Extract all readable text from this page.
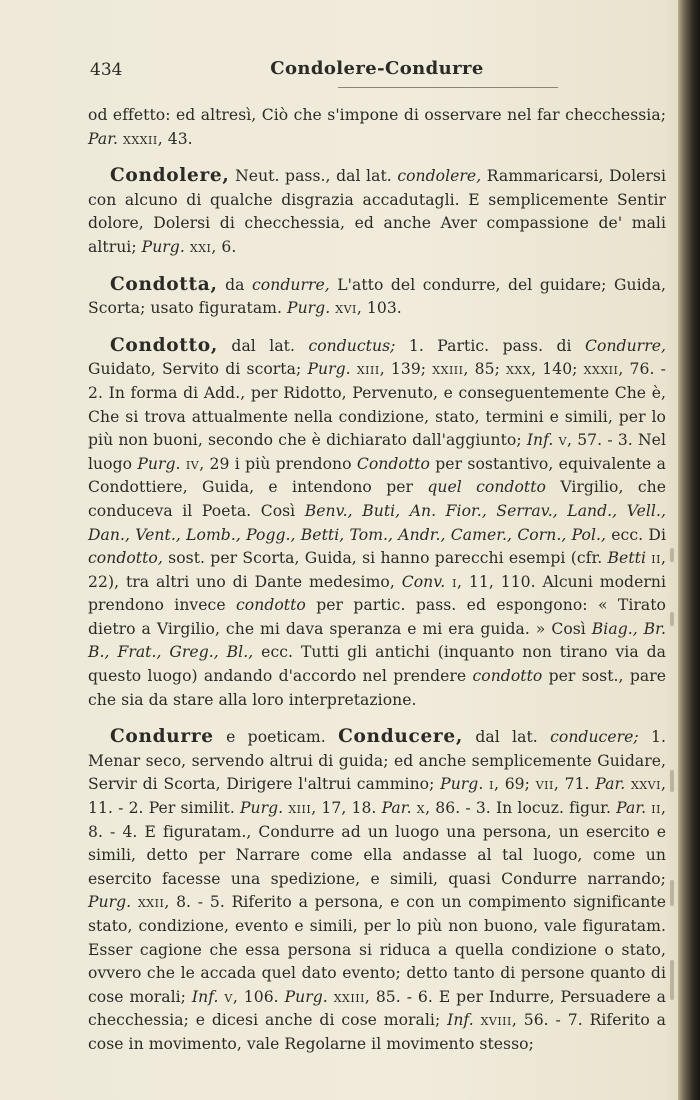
434	Condolere-Condurre

od effetto: ed altresì, Ciò che s'impone di osservare nel far checchessia; Par. xxxii, 43.

Condolere, Neut. pass., dal lat. condolere, Rammaricarsi, Dolersi con alcuno di qualche disgrazia accadutagli. E semplicemente Sentir dolore, Dolersi di checchessia, ed anche Aver compassione de' mali altrui; Purg. xxi, 6.

Condotta, da condurre, L'atto del condurre, del guidare; Guida, Scorta; usato figuratam. Purg. xvi, 103.

Condotto, dal lat. conductus; 1. Partic. pass. di Condurre, Guidato, Servito di scorta; Purg. xiii, 139; xxiii, 85; xxx, 140; xxxii, 76. - 2. In forma di Add., per Ridotto, Pervenuto, e conseguentemente Che è, Che si trova attualmente nella condizione, stato, termini e simili, per lo più non buoni, secondo che è dichiarato dall'aggiunto; Inf. v, 57. - 3. Nel luogo Purg. iv, 29 i più prendono Condotto per sostantivo, equivalente a Condottiere, Guida, e intendono per quel condotto Virgilio, che conduceva il Poeta. Così Benv., Buti, An. Fior., Serrav., Land., Vell., Dan., Vent., Lomb., Pogg., Betti, Tom., Andr., Camer., Corn., Pol., ecc. Di condotto, sost. per Scorta, Guida, si hanno parecchi esempi (cfr. Betti ii, 22), tra altri uno di Dante medesimo, Conv. i, 11, 110. Alcuni moderni prendono invece condotto per partic. pass. ed espongono: « Tirato dietro a Virgilio, che mi dava speranza e mi era guida. » Così Biag., Br. B., Frat., Greg., Bl., ecc. Tutti gli antichi (inquanto non tirano via da questo luogo) andando d'accordo nel prendere condotto per sost., pare che sia da stare alla loro interpretazione.

Condurre e poeticam. Conducere, dal lat. conducere; 1. Menar seco, servendo altrui di guida; ed anche semplicemente Guidare, Servir di Scorta, Dirigere l'altrui cammino; Purg. i, 69; vii, 71. Par. xxvi, 11. - 2. Per similit. Purg. xiii, 17, 18. Par. x, 86. - 3. In locuz. figur. Par. ii, 8. - 4. E figuratam., Condurre ad un luogo una persona, un esercito e simili, detto per Narrare come ella andasse al tal luogo, come un esercito facesse una spedizione, e simili, quasi Condurre narrando; Purg. xxii, 8. - 5. Riferito a persona, e con un compimento significante stato, condizione, evento e simili, per lo più non buono, vale figuratam. Esser cagione che essa persona si riduca a quella condizione o stato, ovvero che le accada quel dato evento; detto tanto di persone quanto di cose morali; Inf. v, 106. Purg. xxiii, 85. - 6. E per Indurre, Persuadere a checchessia; e dicesi anche di cose morali; Inf. xviii, 56. - 7. Riferito a cose in movimento, vale Regolarne il movimento stesso;
